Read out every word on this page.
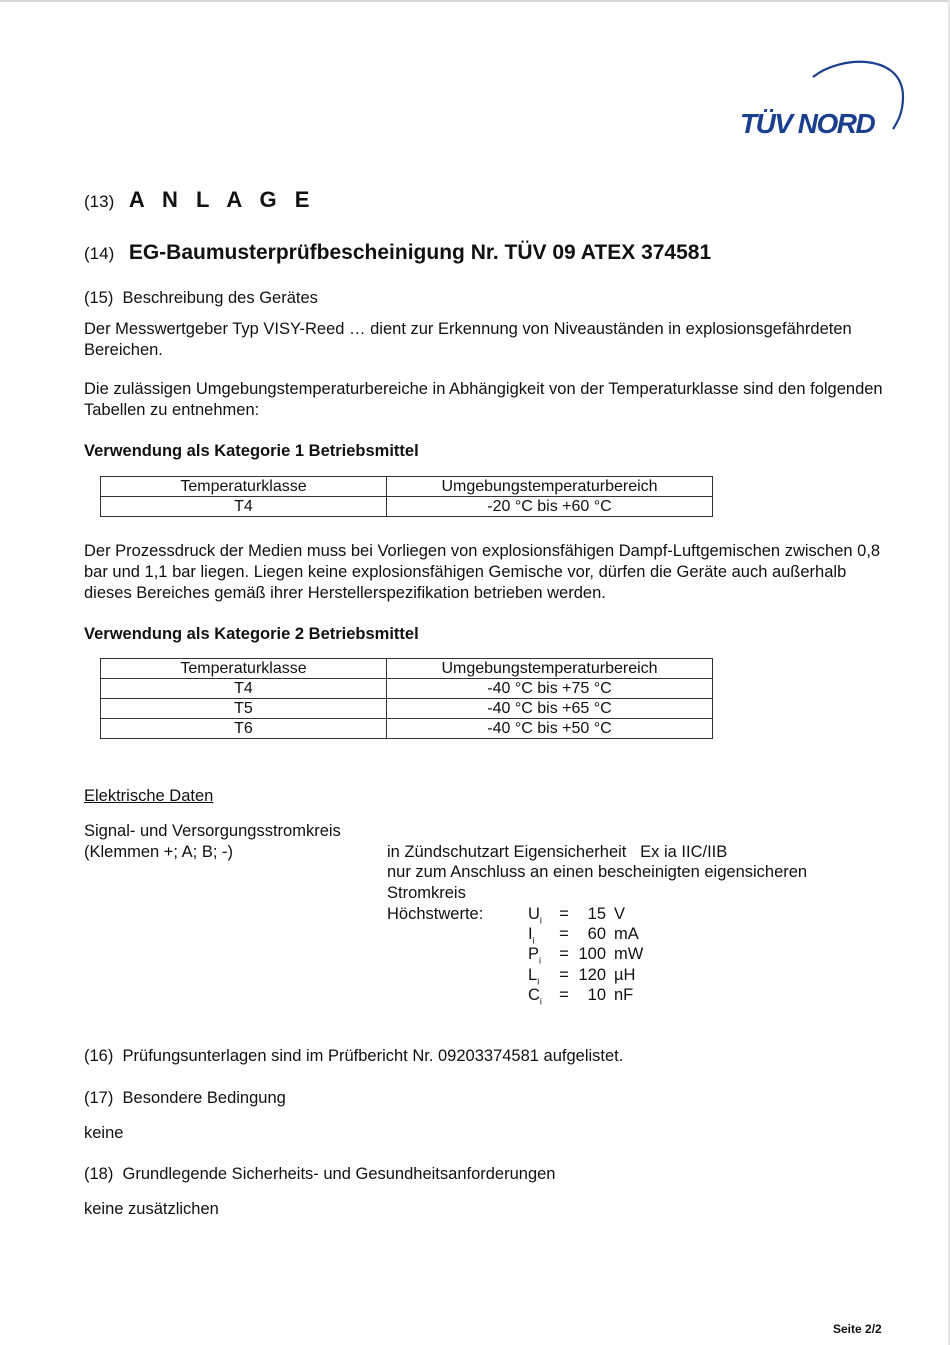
TÜV NORD
(13) A N L A G E
(14) EG-Baumusterprüfbescheinigung Nr. TÜV 09 ATEX 374581
(15) Beschreibung des Gerätes
Der Messwertgeber Typ VISY-Reed … dient zur Erkennung von Niveauständen in explosionsgefährdeten Bereichen.
Die zulässigen Umgebungstemperaturbereiche in Abhängigkeit von der Temperaturklasse sind den folgenden Tabellen zu entnehmen:
Verwendung als Kategorie 1 Betriebsmittel
Temperaturklasse	Umgebungstemperaturbereich
T4	-20 °C bis +60 °C
Der Prozessdruck der Medien muss bei Vorliegen von explosionsfähigen Dampf-Luftgemischen zwischen 0,8 bar und 1,1 bar liegen. Liegen keine explosionsfähigen Gemische vor, dürfen die Geräte auch außerhalb dieses Bereiches gemäß ihrer Herstellerspezifikation betrieben werden.
Verwendung als Kategorie 2 Betriebsmittel
Temperaturklasse	Umgebungstemperaturbereich
T4	-40 °C bis +75 °C
T5	-40 °C bis +65 °C
T6	-40 °C bis +50 °C
Elektrische Daten
Signal- und Versorgungsstromkreis
(Klemmen +; A; B; -)	in Zündschutzart Eigensicherheit   Ex ia IIC/IIB
nur zum Anschluss an einen bescheinigten eigensicheren
Stromkreis
Höchstwerte:	$U_i = 15$ V
$I_i = 60$ mA
$P_i = 100$ mW
$L_i = 120$ µH
$C_i = 10$ nF
(16) Prüfungsunterlagen sind im Prüfbericht Nr. 09203374581 aufgelistet.
(17) Besondere Bedingung
keine
(18) Grundlegende Sicherheits- und Gesundheitsanforderungen
keine zusätzlichen
Seite 2/2
